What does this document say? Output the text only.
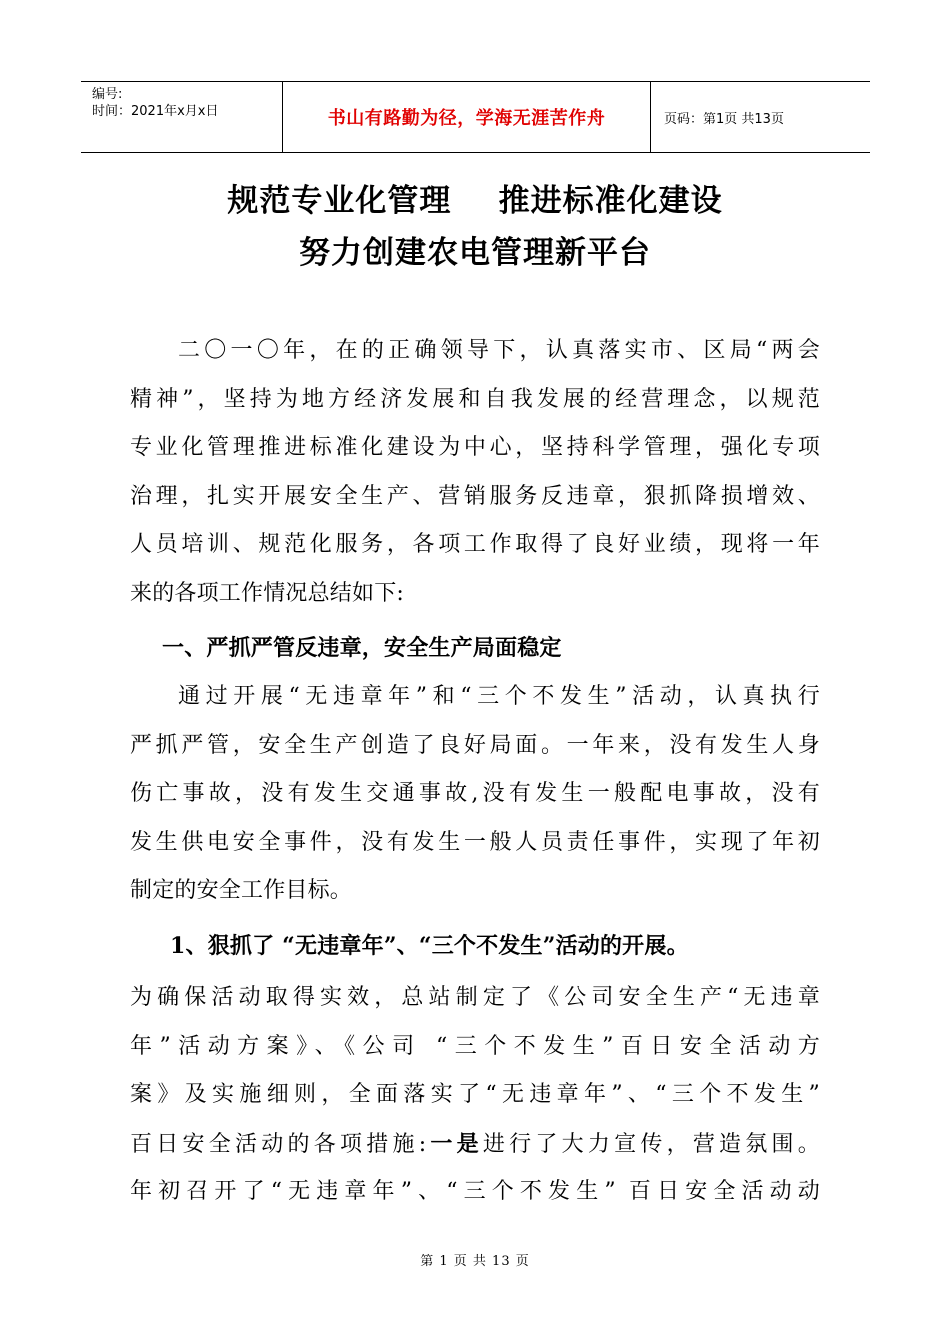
编号:
时间：2021年x月x日	书山有路勤为径，学海无涯苦作舟	页码：第1页 共13页
规范专业化管理    推进标准化建设
努力创建农电管理新平台
二〇一〇年，在的正确领导下，认真落实市、区局“两会
精神”，坚持为地方经济发展和自我发展的经营理念，以规范
专业化管理推进标准化建设为中心，坚持科学管理，强化专项
治理，扎实开展安全生产、营销服务反违章，狠抓降损增效、
人员培训、规范化服务，各项工作取得了良好业绩，现将一年
来的各项工作情况总结如下:
一、严抓严管反违章，安全生产局面稳定
通过开展“无违章年”和“三个不发生”活动，认真执行
严抓严管，安全生产创造了良好局面。一年来，没有发生人身
伤亡事故，没有发生交通事故,没有发生一般配电事故，没有
发生供电安全事件，没有发生一般人员责任事件，实现了年初
制定的安全工作目标。
1、狠抓了 “无违章年”、“三个不发生”活动的开展。
为确保活动取得实效，总站制定了《公司安全生产“无违章
年”活动方案》、《公司 “三个不发生”百日安全活动方
案》及实施细则，全面落实了“无违章年”、“三个不发生”
百日安全活动的各项措施:一是进行了大力宣传，营造氛围。
年初召开了“无违章年”、“三个不发生” 百日安全活动动
第 1 页 共 13 页
